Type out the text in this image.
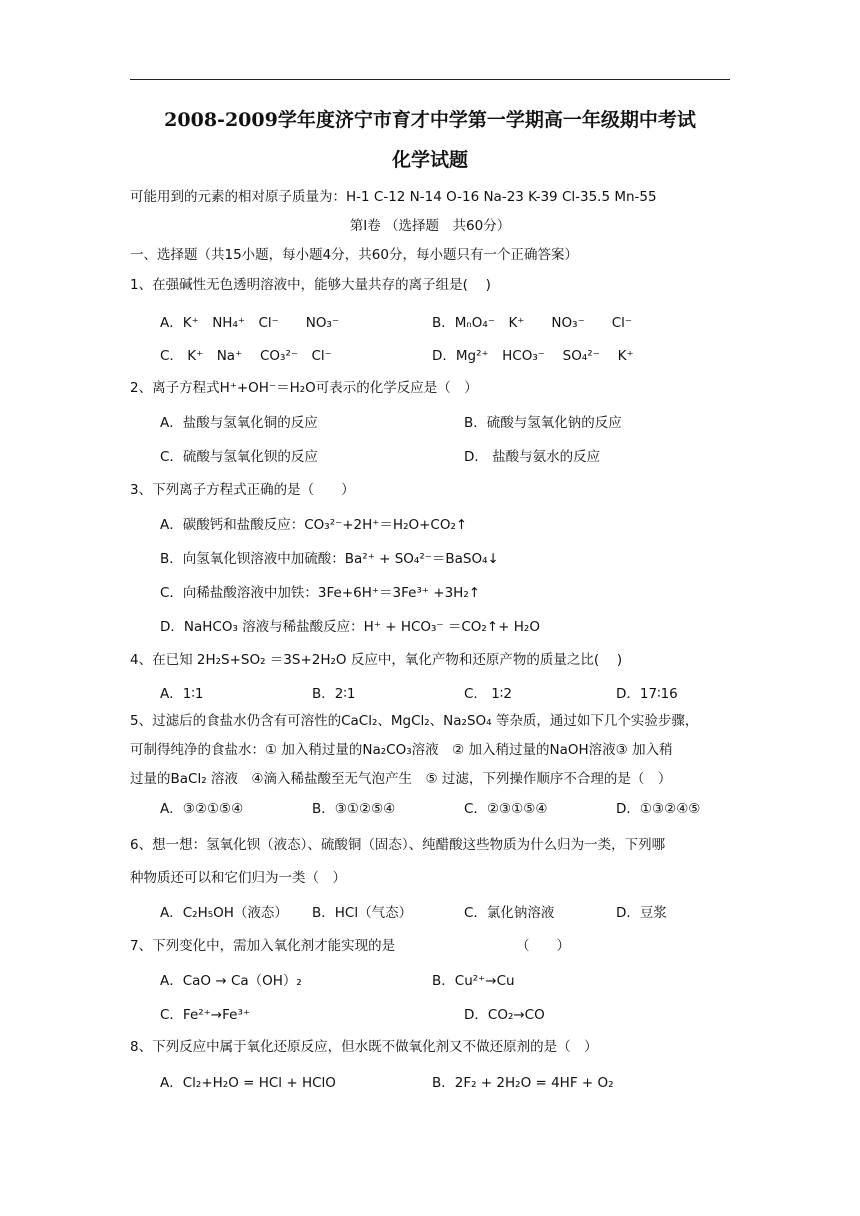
2008-2009学年度济宁市育才中学第一学期高一年级期中考试
化学试题
可能用到的元素的相对原子质量为：H-1 C-12 N-14 O-16 Na-23 K-39 Cl-35.5 Mn-55
第Ⅰ卷 （选择题　共60分）
一、选择题（共15小题，每小题4分，共60分，每小题只有一个正确答案）
1、在强碱性无色透明溶液中，能够大量共存的离子组是(　 )
A．K⁺　NH₄⁺　Cl⁻　　NO₃⁻	B．MₙO₄⁻　K⁺　　NO₃⁻　　Cl⁻
C.　K⁺　Na⁺　 CO₃²⁻　Cl⁻	D．Mg²⁺　HCO₃⁻　 SO₄²⁻　 K⁺
2、离子方程式H⁺+OH⁻＝H₂O可表示的化学反应是（　）
A．盐酸与氢氧化铜的反应	B．硫酸与氢氧化钠的反应
C．硫酸与氢氧化钡的反应	D． 盐酸与氨水的反应
3、下列离子方程式正确的是（　　）
A．碳酸钙和盐酸反应：CO₃²⁻+2H⁺＝H₂O+CO₂↑
B．向氢氧化钡溶液中加硫酸：Ba²⁺ + SO₄²⁻＝BaSO₄↓
C．向稀盐酸溶液中加铁：3Fe+6H⁺＝3Fe³⁺ +3H₂↑
D．NaHCO₃ 溶液与稀盐酸反应：H⁺ + HCO₃⁻ ＝CO₂↑+ H₂O
4、在已知 2H₂S+SO₂ ＝3S+2H₂O 反应中，氧化产物和还原产物的质量之比(　 )
A．1∶1	B．2∶1	C.　1∶2	D．17∶16
5、过滤后的食盐水仍含有可溶性的CaCl₂、MgCl₂、Na₂SO₄ 等杂质，通过如下几个实验步骤，
可制得纯净的食盐水：① 加入稍过量的Na₂CO₃溶液　② 加入稍过量的NaOH溶液③ 加入稍
过量的BaCl₂ 溶液　④滴入稀盐酸至无气泡产生　⑤ 过滤，下列操作顺序不合理的是（　）
A．③②①⑤④	B．③①②⑤④	C．②③①⑤④	D．①③②④⑤
6、想一想：氢氧化钡（液态）、硫酸铜（固态）、纯醋酸这些物质为什么归为一类，下列哪
种物质还可以和它们归为一类（　）
A．C₂H₅OH（液态） B．HCl（气态）	C．氯化钠溶液	D．豆浆
7、下列变化中，需加入氧化剂才能实现的是	（　　）
A．CaO → Ca（OH）₂	B．Cu²⁺→Cu
C．Fe²⁺→Fe³⁺	D．CO₂→CO
8、下列反应中属于氧化还原反应，但水既不做氧化剂又不做还原剂的是（　）
A．Cl₂+H₂O = HCl + HClO	B．2F₂ + 2H₂O = 4HF + O₂
